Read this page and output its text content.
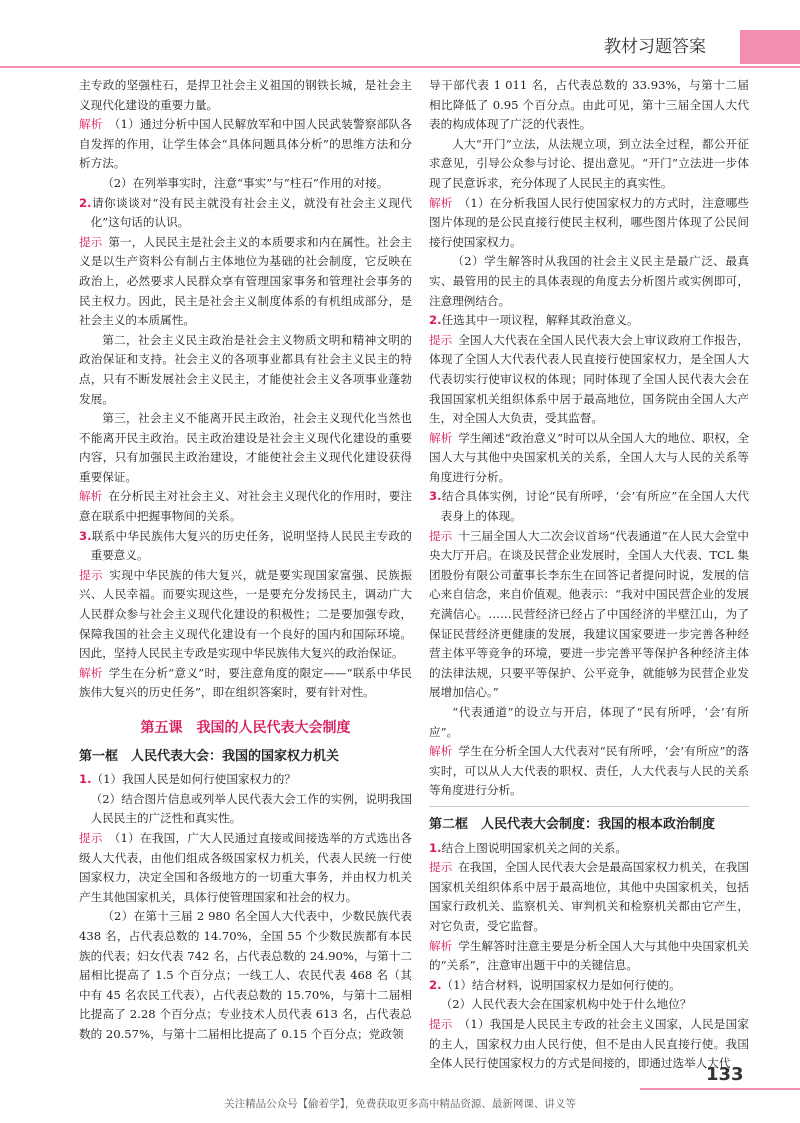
教材习题答案

主专政的坚强柱石，是捍卫社会主义祖国的钢铁长城，是社会主义现代化建设的重要力量。

解析 （1）通过分析中国人民解放军和中国人民武装警察部队各自发挥的作用，让学生体会“具体问题具体分析”的思维方法和分析方法。

（2）在列举事实时，注意“事实”与“柱石”作用的对接。

2.请你谈谈对“没有民主就没有社会主义，就没有社会主义现代化”这句话的认识。

提示 第一，人民民主是社会主义的本质要求和内在属性。社会主义是以生产资料公有制占主体地位为基础的社会制度，它反映在政治上，必然要求人民群众享有管理国家事务和管理社会事务的民主权力。因此，民主是社会主义制度体系的有机组成部分，是社会主义的本质属性。

第二，社会主义民主政治是社会主义物质文明和精神文明的政治保证和支持。社会主义的各项事业都具有社会主义民主的特点，只有不断发展社会主义民主，才能使社会主义各项事业蓬勃发展。

第三，社会主义不能离开民主政治，社会主义现代化当然也不能离开民主政治。民主政治建设是社会主义现代化建设的重要内容，只有加强民主政治建设，才能使社会主义现代化建设获得重要保证。

解析 在分析民主对社会主义、对社会主义现代化的作用时，要注意在联系中把握事物间的关系。

3.联系中华民族伟大复兴的历史任务，说明坚持人民民主专政的重要意义。

提示 实现中华民族的伟大复兴，就是要实现国家富强、民族振兴、人民幸福。而要实现这些，一是要充分发扬民主，调动广大人民群众参与社会主义现代化建设的积极性；二是要加强专政，保障我国的社会主义现代化建设有一个良好的国内和国际环境。因此，坚持人民民主专政是实现中华民族伟大复兴的政治保证。

解析 学生在分析“意义”时，要注意角度的限定——“联系中华民族伟大复兴的历史任务”，即在组织答案时，要有针对性。

第五课　我国的人民代表大会制度
第一框　人民代表大会：我国的国家权力机关

1.（1）我国人民是如何行使国家权力的？

（2）结合图片信息或列举人民代表大会工作的实例，说明我国人民民主的广泛性和真实性。

提示 （1）在我国，广大人民通过直接或间接选举的方式选出各级人大代表，由他们组成各级国家权力机关，代表人民统一行使国家权力，决定全国和各级地方的一切重大事务，并由权力机关产生其他国家机关，具体行使管理国家和社会的权力。

（2）在第十三届 2 980 名全国人大代表中，少数民族代表 438 名，占代表总数的 14.70%，全国 55 个少数民族都有本民族的代表；妇女代表 742 名，占代表总数的 24.90%，与第十二届相比提高了 1.5 个百分点；一线工人、农民代表 468 名（其中有 45 名农民工代表），占代表总数的 15.70%，与第十二届相比提高了 2.28 个百分点；专业技术人员代表 613 名，占代表总数的 20.57%，与第十二届相比提高了 0.15 个百分点；党政领

导干部代表 1 011 名，占代表总数的 33.93%，与第十二届相比降低了 0.95 个百分点。由此可见，第十三届全国人大代表的构成体现了广泛的代表性。

人大“开门”立法，从法规立项，到立法全过程，都公开征求意见，引导公众参与讨论、提出意见。“开门”立法进一步体现了民意诉求，充分体现了人民民主的真实性。

解析 （1）在分析我国人民行使国家权力的方式时，注意哪些图片体现的是公民直接行使民主权利，哪些图片体现了公民间接行使国家权力。

（2）学生解答时从我国的社会主义民主是最广泛、最真实、最管用的民主的具体表现的角度去分析图片或实例即可，注意理例结合。

2.任选其中一项议程，解释其政治意义。

提示 全国人大代表在全国人民代表大会上审议政府工作报告，体现了全国人大代表代表人民直接行使国家权力，是全国人大代表切实行使审议权的体现；同时体现了全国人民代表大会在我国国家机关组织体系中居于最高地位，国务院由全国人大产生，对全国人大负责，受其监督。

解析 学生阐述“政治意义”时可以从全国人大的地位、职权，全国人大与其他中央国家机关的关系，全国人大与人民的关系等角度进行分析。

3.结合具体实例，讨论“民有所呼，‘会’有所应”在全国人大代表身上的体现。

提示 十三届全国人大二次会议首场“代表通道”在人民大会堂中央大厅开启。在谈及民营企业发展时，全国人大代表、TCL 集团股份有限公司董事长李东生在回答记者提问时说，发展的信心来自信念，来自价值观。他表示：“我对中国民营企业的发展充满信心。……民营经济已经占了中国经济的半壁江山，为了保证民营经济更健康的发展，我建议国家要进一步完善各种经营主体平等竞争的环境，要进一步完善平等保护各种经济主体的法律法规，只要平等保护、公平竞争，就能够为民营企业发展增加信心。”

“代表通道”的设立与开启，体现了“民有所呼，‘会’有所应”。

解析 学生在分析全国人大代表对“民有所呼，‘会’有所应”的落实时，可以从人大代表的职权、责任，人大代表与人民的关系等角度进行分析。

第二框　人民代表大会制度：我国的根本政治制度

1.结合上图说明国家机关之间的关系。

提示 在我国，全国人民代表大会是最高国家权力机关，在我国国家机关组织体系中居于最高地位，其他中央国家机关，包括国家行政机关、监察机关、审判机关和检察机关都由它产生，对它负责，受它监督。

解析 学生解答时注意主要是分析全国人大与其他中央国家机关的“关系”，注意审出题干中的关键信息。

2.（1）结合材料，说明国家权力是如何行使的。

（2）人民代表大会在国家机构中处于什么地位？

提示 （1）我国是人民民主专政的社会主义国家，人民是国家的主人，国家权力由人民行使，但不是由人民直接行使。我国全体人民行使国家权力的方式是间接的，即通过选举人大代

133
关注精品公众号【偷着学】，免费获取更多高中精品资源、最新网课、讲义等
